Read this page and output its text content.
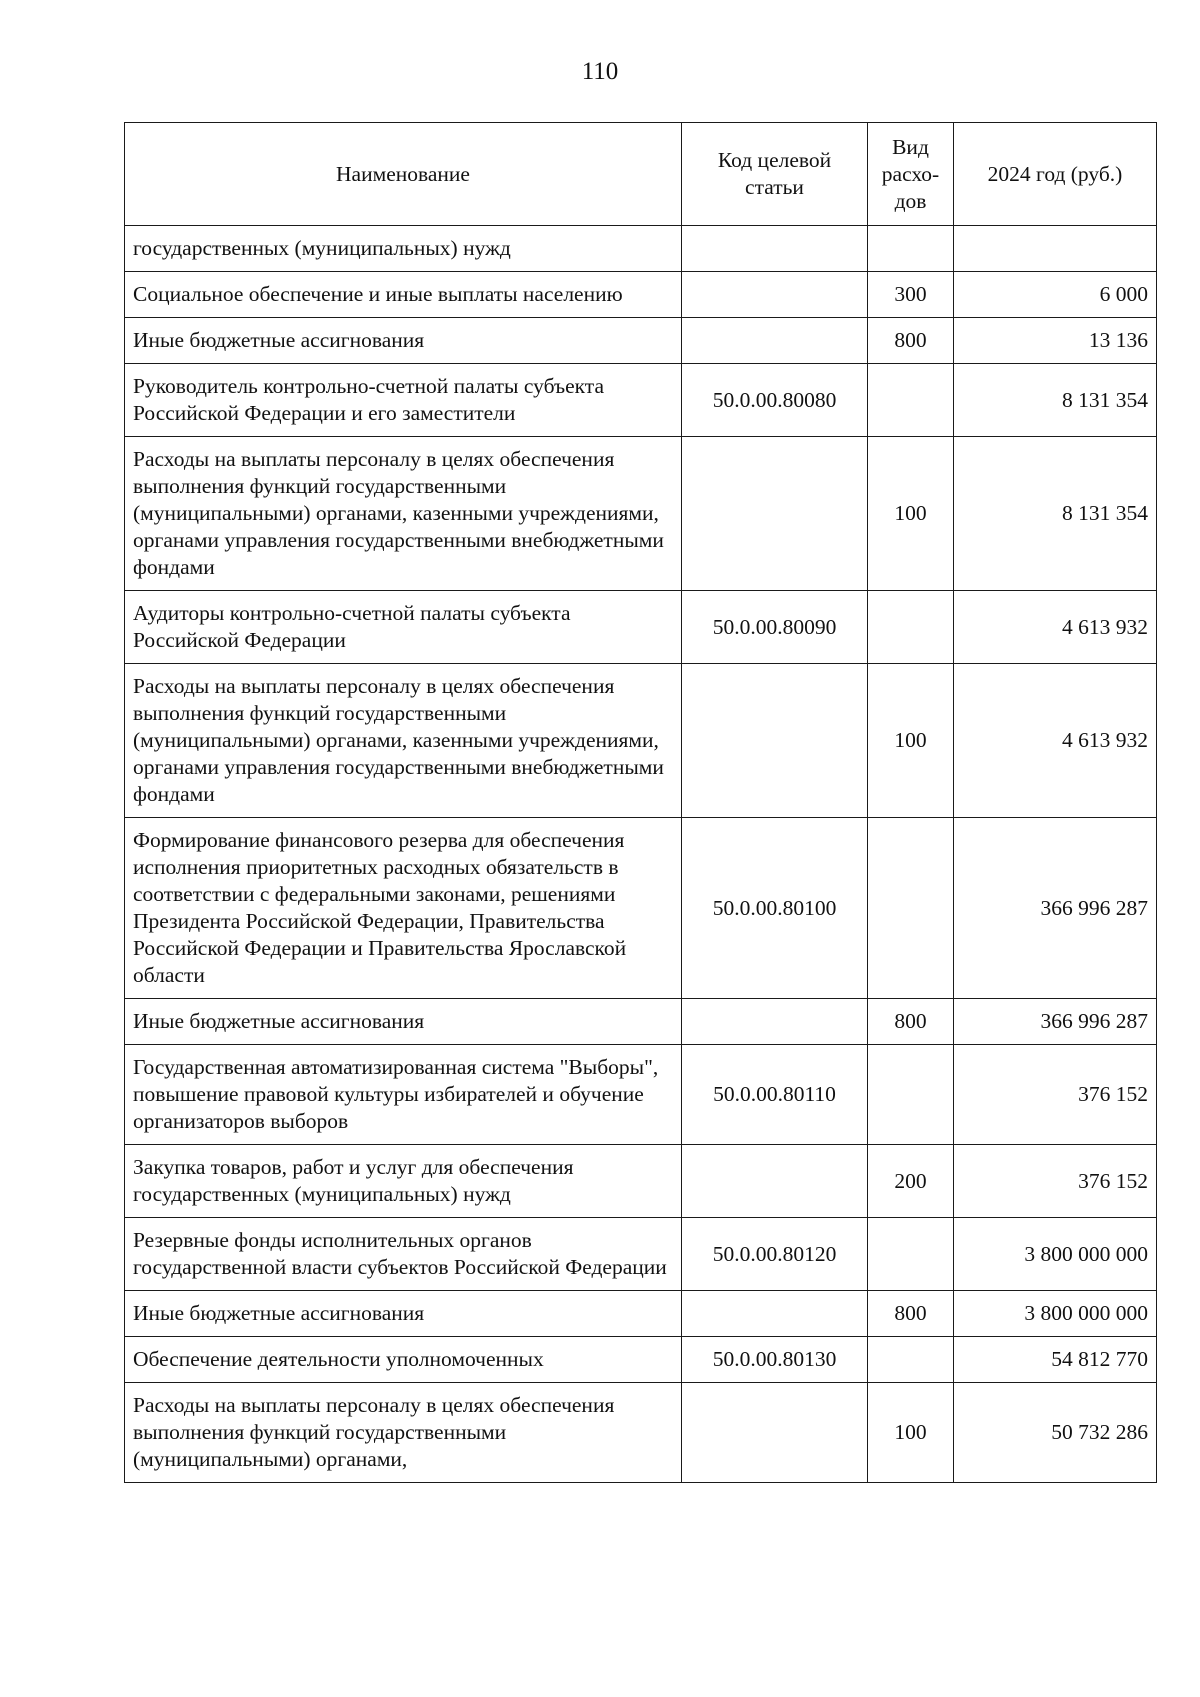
110
Наименование	Код целевой статьи	Вид расхо-дов	2024 год (руб.)
государственных (муниципальных) нужд			
Социальное обеспечение и иные выплаты населению		300	6 000
Иные бюджетные ассигнования		800	13 136
Руководитель контрольно-счетной палаты субъекта Российской Федерации и его заместители	50.0.00.80080		8 131 354
Расходы на выплаты персоналу в целях обеспечения выполнения функций государственными (муниципальными) органами, казенными учреждениями, органами управления государственными внебюджетными фондами		100	8 131 354
Аудиторы контрольно-счетной палаты субъекта Российской Федерации	50.0.00.80090		4 613 932
Расходы на выплаты персоналу в целях обеспечения выполнения функций государственными (муниципальными) органами, казенными учреждениями, органами управления государственными внебюджетными фондами		100	4 613 932
Формирование финансового резерва для обеспечения исполнения приоритетных расходных обязательств в соответствии с федеральными законами, решениями Президента Российской Федерации, Правительства Российской Федерации и Правительства Ярославской области	50.0.00.80100		366 996 287
Иные бюджетные ассигнования		800	366 996 287
Государственная автоматизированная система "Выборы", повышение правовой культуры избирателей и обучение организаторов выборов	50.0.00.80110		376 152
Закупка товаров, работ и услуг для обеспечения государственных (муниципальных) нужд		200	376 152
Резервные фонды исполнительных органов государственной власти субъектов Российской Федерации	50.0.00.80120		3 800 000 000
Иные бюджетные ассигнования		800	3 800 000 000
Обеспечение деятельности уполномоченных	50.0.00.80130		54 812 770
Расходы на выплаты персоналу в целях обеспечения выполнения функций государственными (муниципальными) органами,		100	50 732 286
